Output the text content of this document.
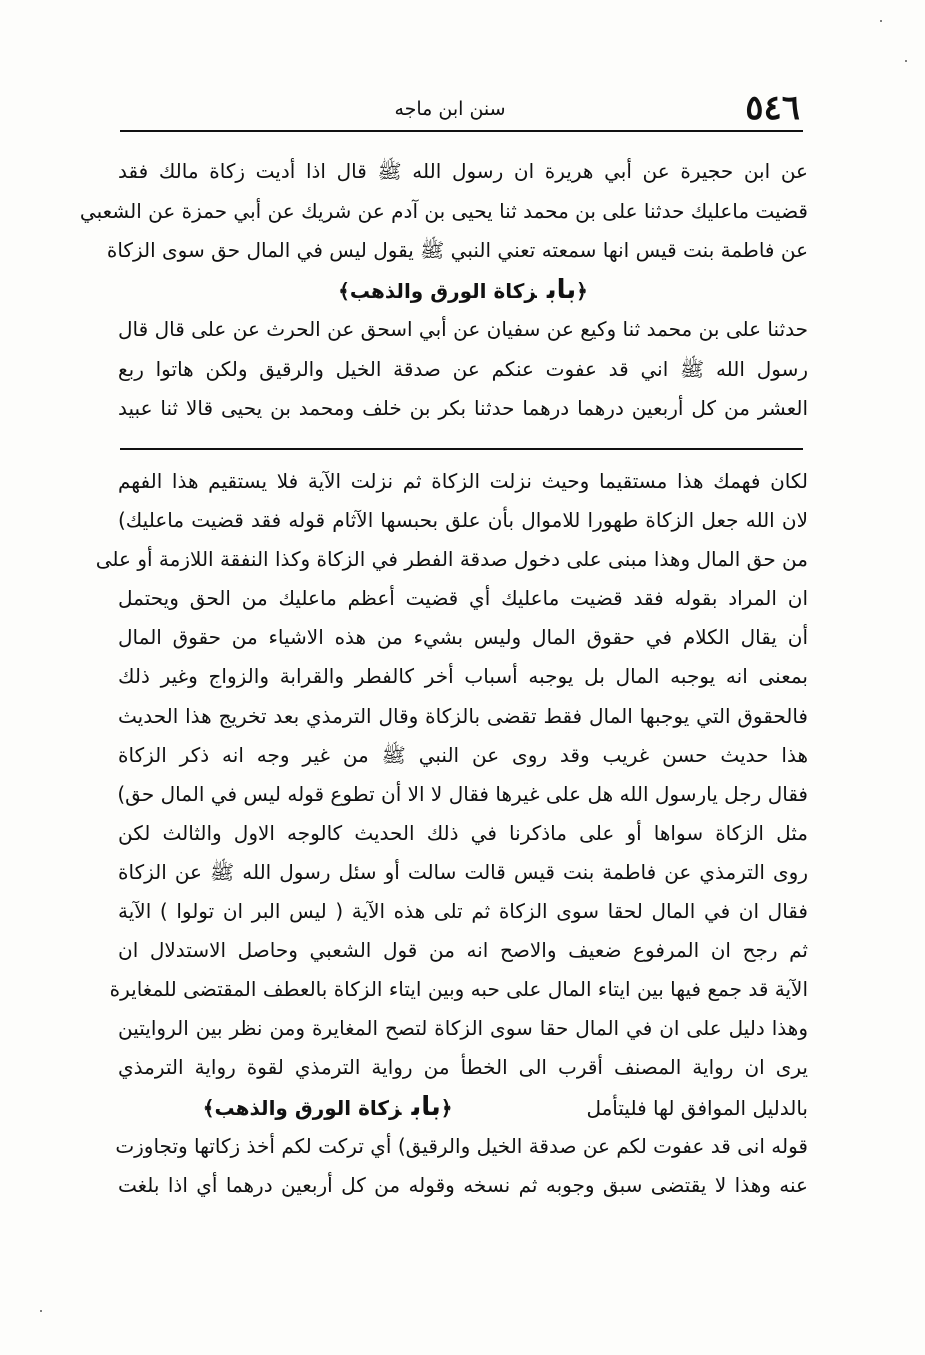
٥٤٦
سنن ابن ماجه
عن ابن حجيرة عن أبي هريرة ان رسول الله ﷺ قال اذا أديت زكاة مالك فقد
قضيت ماعليك حدثنا على بن محمد ثنا يحيى بن آدم عن شريك عن أبي حمزة عن الشعبي
عن فاطمة بنت قيس انها سمعته تعني النبي ﷺ يقول ليس في المال حق سوى الزكاة
﴿بابزكاة الورق والذهب﴾
حدثنا على بن محمد ثنا وكيع عن سفيان عن أبي اسحق عن الحرث عن على قال قال
رسول الله ﷺ اني قد عفوت عنكم عن صدقة الخيل والرقيق ولكن هاتوا ربع
العشر من كل أربعين درهما درهما حدثنا بكر بن خلف ومحمد بن يحيى قالا ثنا عبيد
لكان فهمك هذا مستقيما وحيث نزلت الزكاة ثم نزلت الآية فلا يستقيم هذا الفهم
لان الله جعل الزكاة طهورا للاموال بأن علق بحبسها الآثام قوله فقد قضيت ماعليك)
من حق المال وهذا مبنى على دخول صدقة الفطر في الزكاة وكذا النفقة اللازمة أو على
ان المراد بقوله فقد قضيت ماعليك أي قضيت أعظم ماعليك من الحق ويحتمل
أن يقال الكلام في حقوق المال وليس بشيء من هذه الاشياء من حقوق المال
بمعنى انه يوجبه المال بل يوجبه أسباب أخر كالفطر والقرابة والزواج وغير ذلك
فالحقوق التي يوجبها المال فقط تقضى بالزكاة وقال الترمذي بعد تخريج هذا الحديث
هذا حديث حسن غريب وقد روى عن النبي ﷺ من غير وجه انه ذكر الزكاة
فقال رجل يارسول الله هل على غيرها فقال لا الا أن تطوع قوله ليس في المال حق)
مثل الزكاة سواها أو على ماذكرنا في ذلك الحديث كالوجه الاول والثالث لكن
روى الترمذي عن فاطمة بنت قيس قالت سالت أو سئل رسول الله ﷺ عن الزكاة
فقال ان في المال لحقا سوى الزكاة ثم تلى هذه الآية ( ليس البر ان تولوا ) الآية
ثم رجح ان المرفوع ضعيف والاصح انه من قول الشعبي وحاصل الاستدلال ان
الآية قد جمع فيها بين ايتاء المال على حبه وبين ايتاء الزكاة بالعطف المقتضى للمغايرة
وهذا دليل على ان في المال حقا سوى الزكاة لتصح المغايرة ومن نظر بين الروايتين
يرى ان رواية المصنف أقرب الى الخطأ من رواية الترمذي لقوة رواية الترمذي
بالدليل الموافق لها فليتأمل  ﴿بابزكاة الورق والذهب﴾
قوله انى قد عفوت لكم عن صدقة الخيل والرقيق) أي تركت لكم أخذ زكاتها وتجاوزت
عنه وهذا لا يقتضى سبق وجوبه ثم نسخه وقوله من كل أربعين درهما أي اذا بلغت
